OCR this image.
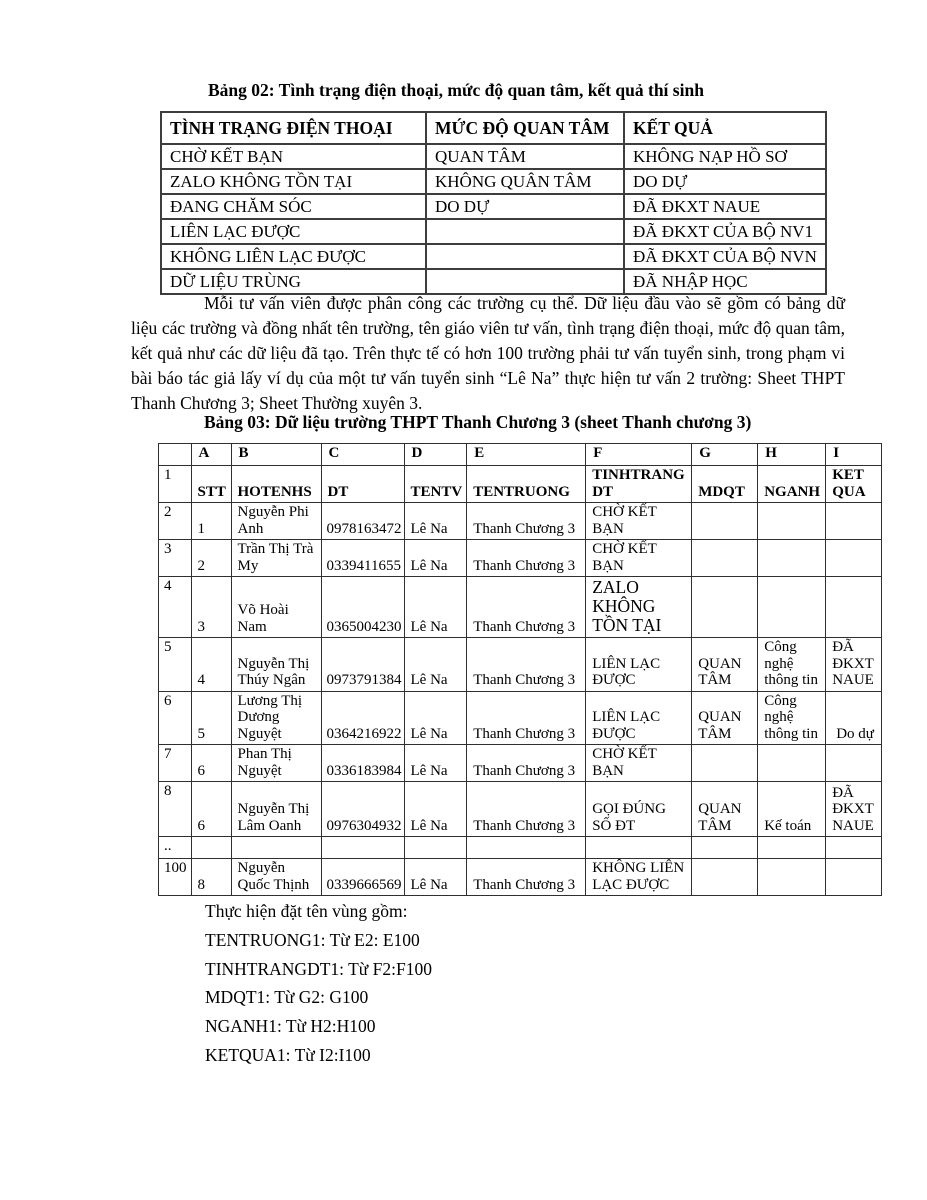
Bảng 02: Tình trạng điện thoại, mức độ quan tâm, kết quả thí sinh
TÌNH TRẠNG ĐIỆN THOẠI	MỨC ĐỘ QUAN TÂM	KẾT QUẢ
CHỜ KẾT BẠN	QUAN TÂM	KHÔNG NẠP HỒ SƠ
ZALO KHÔNG TỒN TẠI	KHÔNG QUÂN TÂM	DO DỰ
ĐANG CHĂM SÓC	DO DỰ	ĐÃ ĐKXT NAUE
LIÊN LẠC ĐƯỢC		ĐÃ ĐKXT CỦA BỘ NV1
KHÔNG LIÊN LẠC ĐƯỢC		ĐÃ ĐKXT CỦA BỘ NVN
DỮ LIỆU TRÙNG		ĐÃ NHẬP HỌC
Mỗi tư vấn viên được phân công các trường cụ thể. Dữ liệu đầu vào sẽ gồm có bảng dữ liệu các trường và đồng nhất tên trường, tên giáo viên tư vấn, tình trạng điện thoại, mức độ quan tâm, kết quả như các dữ liệu đã tạo. Trên thực tế có hơn 100 trường phải tư vấn tuyển sinh, trong phạm vi bài báo tác giả lấy ví dụ của một tư vấn tuyển sinh “Lê Na” thực hiện tư vấn 2 trường: Sheet THPT Thanh Chương 3; Sheet Thường xuyên 3.
Bảng 03: Dữ liệu trường THPT Thanh Chương 3 (sheet Thanh chương 3)
	A	B	C	D	E	F	G	H	I
1	STT	HOTENHS	DT	TENTV	TENTRUONG	TINHTRANG DT	MDQT	NGANH	KET QUA
2	1	Nguyễn Phi Anh	0978163472	Lê Na	Thanh Chương 3	CHỜ KẾT BẠN			
3	2	Trần Thị Trà My	0339411655	Lê Na	Thanh Chương 3	CHỜ KẾT BẠN			
4	3	Võ Hoài Nam	0365004230	Lê Na	Thanh Chương 3	ZALO KHÔNG TỒN TẠI			
5	4	Nguyễn Thị Thúy Ngân	0973791384	Lê Na	Thanh Chương 3	LIÊN LẠC ĐƯỢC	QUAN TÂM	Công nghệ thông tin	ĐÃ ĐKXT NAUE
6	5	Lương Thị Dương Nguyệt	0364216922	Lê Na	Thanh Chương 3	LIÊN LẠC ĐƯỢC	QUAN TÂM	Công nghệ thông tin	Do dự
7	6	Phan Thị Nguyệt	0336183984	Lê Na	Thanh Chương 3	CHỜ KẾT BẠN			
8	6	Nguyễn Thị Lâm Oanh	0976304932	Lê Na	Thanh Chương 3	GỌI ĐÚNG SỐ ĐT	QUAN TÂM	Kế toán	ĐÃ ĐKXT NAUE
..									
100	8	Nguyễn Quốc Thịnh	0339666569	Lê Na	Thanh Chương 3	KHÔNG LIÊN LẠC ĐƯỢC			
Thực hiện đặt tên vùng gồm:
TENTRUONG1: Từ E2: E100
TINHTRANGDT1: Từ F2:F100
MDQT1: Từ G2: G100
NGANH1: Từ H2:H100
KETQUA1: Từ I2:I100
